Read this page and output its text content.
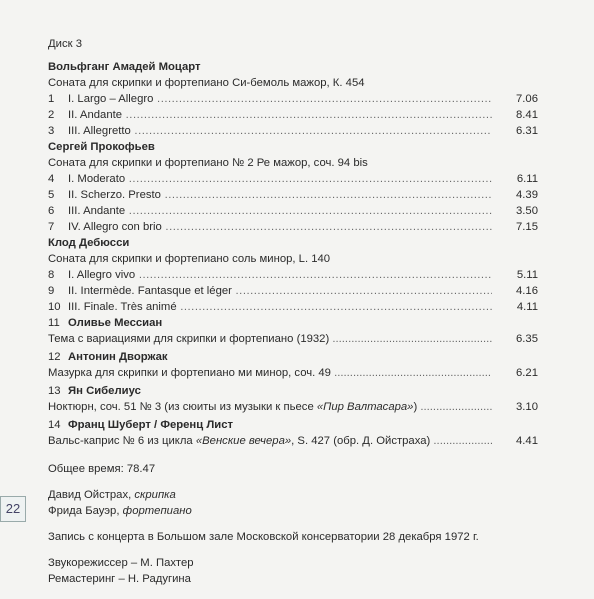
22
Диск 3
Вольфганг Амадей Моцарт
Соната для скрипки и фортепиано Си-бемоль мажор, К. 454
1 I. Largo – Allegro .....	7.06
2 II. Andante .....	8.41
3 III. Allegretto .....	6.31
Сергей Прокофьев
Соната для скрипки и фортепиано № 2 Ре мажор, соч. 94 bis
4 I. Moderato .....	6.11
5 II. Scherzo. Presto .....	4.39
6 III. Andante .....	3.50
7 IV. Allegro con brio .....	7.15
Клод Дебюсси
Соната для скрипки и фортепиано соль минор, L. 140
8 I. Allegro vivo .....	5.11
9 II. Intermède. Fantasque et léger .....	4.16
10 III. Finale. Très animé .....	4.11
11 Оливье Мессиан
Тема с вариациями для скрипки и фортепиано (1932) .....	6.35
12 Антонин Дворжак
Мазурка для скрипки и фортепиано ми минор, соч. 49 .....	6.21
13 Ян Сибелиус
Ноктюрн, соч. 51 № 3 (из сюиты из музыки к пьесе «Пир Валтасара») .....	3.10
14 Франц Шуберт / Ференц Лист
Вальс-каприс № 6 из цикла «Венские вечера», S. 427 (обр. Д. Ойстраха) .....	4.41
Общее время: 78.47
Давид Ойстрах, скрипка
Фрида Бауэр, фортепиано
Запись с концерта в Большом зале Московской консерватории 28 декабря 1972 г.
Звукорежиссер – М. Пахтер
Ремастеринг – Н. Радугина
